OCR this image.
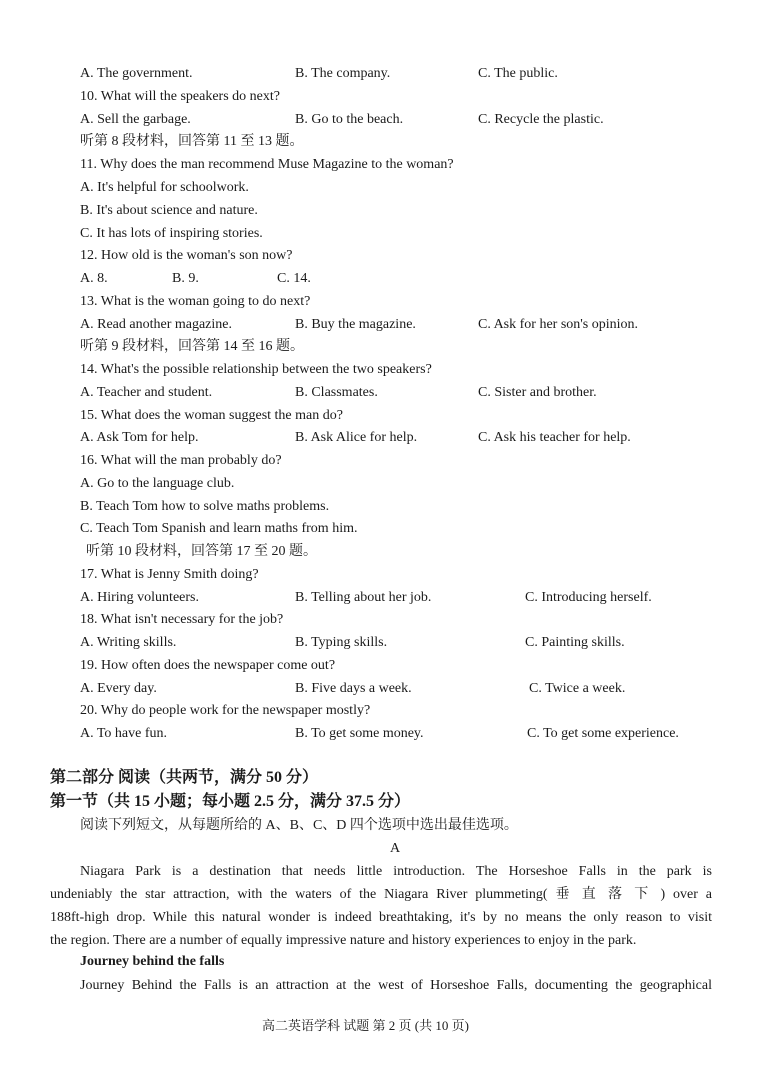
A. The government.	B. The company.	C. The public.
10. What will the speakers do next?
A. Sell the garbage.	B. Go to the beach.	C. Recycle the plastic.
听第 8 段材料，回答第 11 至 13 题。
11. Why does the man recommend Muse Magazine to the woman?
A. It's helpful for schoolwork.
B. It's about science and nature.
C. It has lots of inspiring stories.
12. How old is the woman's son now?
A. 8.	B. 9.	C. 14.
13. What is the woman going to do next?
A. Read another magazine.	B. Buy the magazine.	C. Ask for her son's opinion.
听第 9 段材料，回答第 14 至 16 题。
14. What's the possible relationship between the two speakers?
A. Teacher and student.	B. Classmates.	C. Sister and brother.
15. What does the woman suggest the man do?
A. Ask Tom for help.	B. Ask Alice for help.	C. Ask his teacher for help.
16. What will the man probably do?
A. Go to the language club.
B. Teach Tom how to solve maths problems.
C. Teach Tom Spanish and learn maths from him.
听第 10 段材料，回答第 17 至 20 题。
17. What is Jenny Smith doing?
A. Hiring volunteers.	B. Telling about her job.	C. Introducing herself.
18. What isn't necessary for the job?
A. Writing skills.	B. Typing skills.	C. Painting skills.
19. How often does the newspaper come out?
A. Every day.	B. Five days a week.	C. Twice a week.
20. Why do people work for the newspaper mostly?
A. To have fun.	B. To get some money.	C. To get some experience.
第二部分 阅读（共两节，满分 50 分）
第一节（共 15 小题；每小题 2.5 分，满分 37.5 分）
阅读下列短文，从每题所给的 A、B、C、D 四个选项中选出最佳选项。
A
Niagara Park is a destination that needs little introduction. The Horseshoe Falls in the park is
undeniably the star attraction, with the waters of the Niagara River plummeting( 垂 直 落 下 ) over a
188ft-high drop. While this natural wonder is indeed breathtaking, it's by no means the only reason to visit
the region. There are a number of equally impressive nature and history experiences to enjoy in the park.
Journey behind the falls
Journey Behind the Falls is an attraction at the west of Horseshoe Falls, documenting the geographical
高二英语学科 试题 第 2 页 (共 10 页)
